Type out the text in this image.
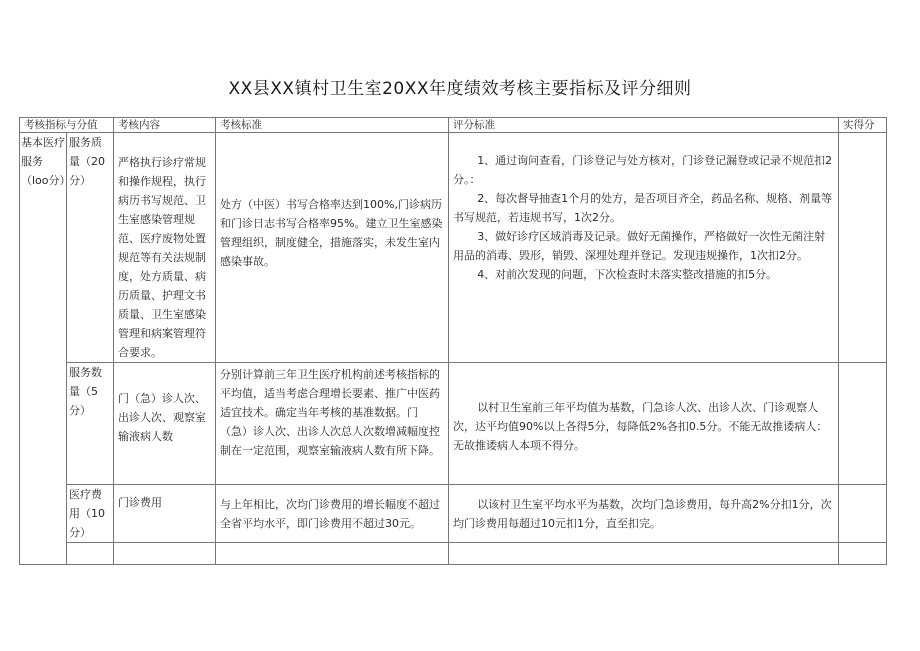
XX县XX镇村卫生室20XX年度绩效考核主要指标及评分细则
考核指标与分值		考核内容	考核标准	评分标准	实得分
基本医疗服务（loo分）	服务质量（20分）	严格执行诊疗常规和操作规程，执行病历书写规范、卫生室感染管理规范、医疗废物处置规范等有关法规制度，处方质量、病历质量、护理文书质量、卫生室感染管理和病案管理符合要求。	处方（中医）书写合格率达到100%,门诊病历和门诊日志书写合格率95%。建立卫生室感染管理组织，制度健全，措施落实，未发生室内感染事故。	1、通过询问查看，门诊登记与处方核对，门诊登记漏登或记录不规范扣2分。：

2、每次督导抽查1个月的处方，是否项目齐全，药品名称、规格、剂量等书写规范，若违规书写，1次2分。

3、做好诊疗区域消毒及记录。做好无菌操作，严格做好一次性无菌注射用品的消毒、毁形，销毁、深埋处理并登记。发现违规操作，1次扣2分。

4、对前次发现的问题，下次检查时未落实整改措施的扣5分。	

	服务数量（5分）	门（急）诊人次、出诊人次、观察室输液病人数	分别计算前三年卫生医疗机构前述考核指标的平均值，适当考虑合理增长要素、推广中医药适宜技术。确定当年考核的基准数据。门（急）诊人次、出诊人次总人次数增减幅度控制在一定范围，观察室输液病人数有所下降。	以村卫生室前三年平均值为基数，门急诊人次、出诊人次、门诊观察人次，达平均值90%以上各得5分，每降低2%各扣0.5分。不能无故推诿病人：无故推诿病人本项不得分。	

	医疗费用（10分）	门诊费用	与上年相比，次均门诊费用的增长幅度不超过全省平均水平，即门诊费用不超过30元。	以该村卫生室平均水平为基数，次均门急诊费用，每升高2%分扣1分，次均门诊费用每超过10元扣1分，直至扣完。	
